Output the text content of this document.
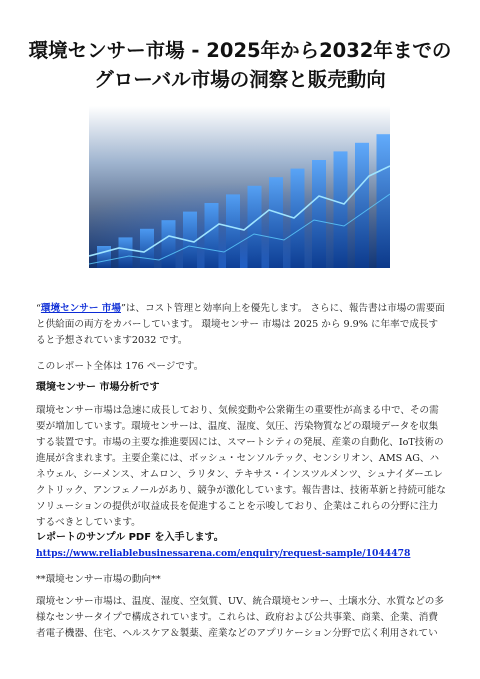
環境センサー市場 - 2025年から2032年までのグローバル市場の洞察と販売動向

“環境センサー 市場”は、コスト管理と効率向上を優先します。 さらに、報告書は市場の需要面と供給面の両方をカバーしています。 環境センサー 市場は 2025 から 9.9% に年率で成長すると予想されています2032 です。

このレポート全体は 176 ページです。

環境センサー 市場分析です

環境センサー市場は急速に成長しており、気候変動や公衆衛生の重要性が高まる中で、その需要が増加しています。環境センサーは、温度、湿度、気圧、汚染物質などの環境データを収集する装置です。市場の主要な推進要因には、スマートシティの発展、産業の自動化、IoT技術の進展が含まれます。主要企業には、ボッシュ・センソルテック、センシリオン、AMS AG、ハネウェル、シーメンス、オムロン、ラリタン、テキサス・インスツルメンツ、シュナイダーエレクトリック、アンフェノールがあり、競争が激化しています。報告書は、技術革新と持続可能なソリューションの提供が収益成長を促進することを示唆しており、企業はこれらの分野に注力するべきとしています。

レポートのサンプル PDF を入手します。 https://www.reliablebusinessarena.com/enquiry/request-sample/1044478

**環境センサー市場の動向**

環境センサー市場は、温度、湿度、空気質、UV、統合環境センサー、土壌水分、水質などの多様なセンサータイプで構成されています。これらは、政府および公共事業、商業、企業、消費者電子機器、住宅、ヘルスケア＆製薬、産業などのアプリケーション分野で広く利用されてい
